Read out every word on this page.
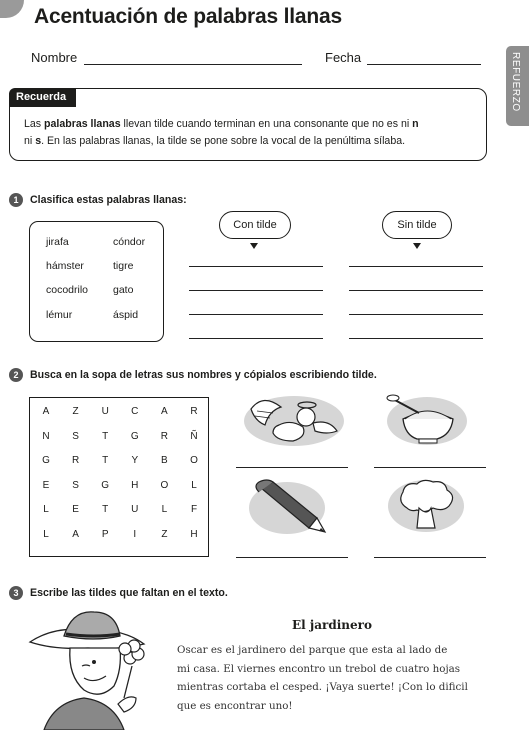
Acentuación de palabras llanas
Nombre	Fecha	REFUERZO
Recuerda
Las palabras llanas llevan tilde cuando terminan en una consonante que no es ni n
ni s. En las palabras llanas, la tilde se pone sobre la vocal de la penúltima sílaba.
1	Clasifica estas palabras llanas:
jirafa	cóndor
hámster	tigre
cocodrilo gato
lémur	áspid
Con tilde	Sin tilde
2	Busca en la sopa de letras sus nombres y cópialos escribiendo tilde.
A	Z	U	C	A	R
N	S	T	G	R	Ñ
G	R	T	Y	B	O
E	S	G	H	O	L
L	E	T	U	L	F
L	A	P	I	Z	H
3	Escribe las tildes que faltan en el texto.
El jardinero
Oscar es el jardinero del parque que esta al lado de
mi casa. El viernes encontro un trebol de cuatro hojas
mientras cortaba el cesped. ¡Vaya suerte! ¡Con lo dificil
que es encontrar uno!
